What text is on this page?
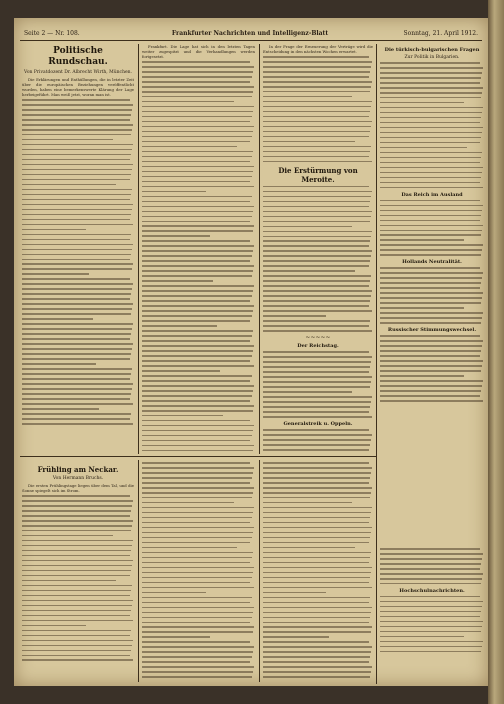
Seite 2 — Nr. 108.	Frankfurter Nachrichten und Intelligenz-Blatt	Sonntag, 21. April 1912.
Politische Rundschau.
Von Privatdozent Dr. Albrecht Wirth, München.

Die Erklärungen und Enthüllungen, die in letzter Zeit über die europäischen Beziehungen veröffentlicht wurden, haben eine bemerkenswerte Klärung der Lage herbeigeführt. Man weiß jetzt, woran man ist.

Frankfurt. Die Lage hat sich in den letzten Tagen weiter zugespitzt und die Verhandlungen werden fortgesetzt.

In der Frage der Erneuerung der Verträge wird die Entscheidung in den nächsten Wochen erwartet.

Die Erstürmung von Meroite.
~~~~~
Der Reichstag.
Generalstreik u. Oppeln.
Die türkisch-bulgarischen Fragen
Zur Politik in Bulgarien.
Das Reich im Ausland
Hollands Neutralität.
Russischer Stimmungswechsel.
Frühling am Neckar.
Von Hermann Bruchs.

Die ersten Frühlingstage liegen über dem Tal, und die Sonne spiegelt sich im Strom.

Hochschulnachrichten.
